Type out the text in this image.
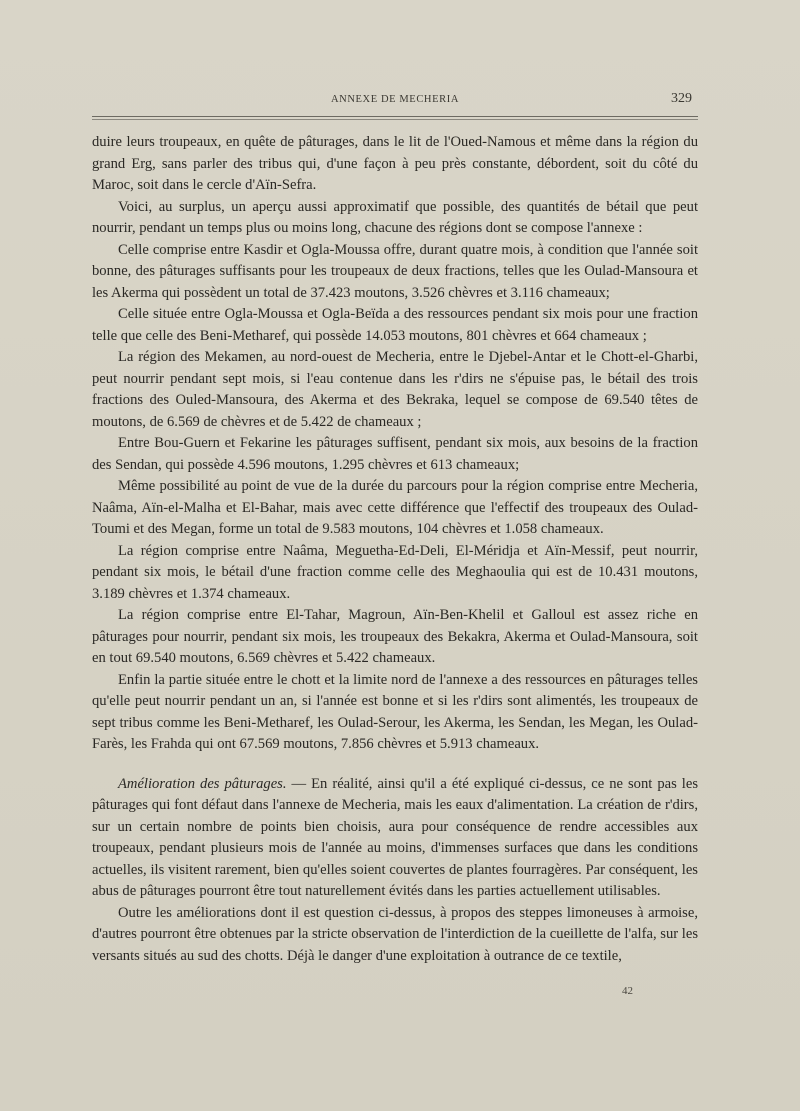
ANNEXE DE MECHERIA	329

duire leurs troupeaux, en quête de pâturages, dans le lit de l'Oued-Namous et même dans la région du grand Erg, sans parler des tribus qui, d'une façon à peu près constante, débordent, soit du côté du Maroc, soit dans le cercle d'Aïn-Sefra.

Voici, au surplus, un aperçu aussi approximatif que possible, des quantités de bétail que peut nourrir, pendant un temps plus ou moins long, chacune des régions dont se compose l'annexe :

Celle comprise entre Kasdir et Ogla-Moussa offre, durant quatre mois, à condition que l'année soit bonne, des pâturages suffisants pour les troupeaux de deux fractions, telles que les Oulad-Mansoura et les Akerma qui possèdent un total de 37.423 moutons, 3.526 chèvres et 3.116 chameaux;

Celle située entre Ogla-Moussa et Ogla-Beïda a des ressources pendant six mois pour une fraction telle que celle des Beni-Metharef, qui possède 14.053 moutons, 801 chèvres et 664 chameaux ;

La région des Mekamen, au nord-ouest de Mecheria, entre le Djebel-Antar et le Chott-el-Gharbi, peut nourrir pendant sept mois, si l'eau contenue dans les r'dirs ne s'épuise pas, le bétail des trois fractions des Ouled-Mansoura, des Akerma et des Bekraka, lequel se compose de 69.540 têtes de moutons, de 6.569 de chèvres et de 5.422 de chameaux ;

Entre Bou-Guern et Fekarine les pâturages suffisent, pendant six mois, aux besoins de la fraction des Sendan, qui possède 4.596 moutons, 1.295 chèvres et 613 chameaux;

Même possibilité au point de vue de la durée du parcours pour la région comprise entre Mecheria, Naâma, Aïn-el-Malha et El-Bahar, mais avec cette différence que l'effectif des troupeaux des Oulad-Toumi et des Megan, forme un total de 9.583 moutons, 104 chèvres et 1.058 chameaux.

La région comprise entre Naâma, Meguetha-Ed-Deli, El-Méridja et Aïn-Messif, peut nourrir, pendant six mois, le bétail d'une fraction comme celle des Meghaoulia qui est de 10.431 moutons, 3.189 chèvres et 1.374 chameaux.

La région comprise entre El-Tahar, Magroun, Aïn-Ben-Khelil et Galloul est assez riche en pâturages pour nourrir, pendant six mois, les troupeaux des Bekakra, Akerma et Oulad-Mansoura, soit en tout 69.540 moutons, 6.569 chèvres et 5.422 chameaux.

Enfin la partie située entre le chott et la limite nord de l'annexe a des ressources en pâturages telles qu'elle peut nourrir pendant un an, si l'année est bonne et si les r'dirs sont alimentés, les troupeaux de sept tribus comme les Beni-Metharef, les Oulad-Serour, les Akerma, les Sendan, les Megan, les Oulad-Farès, les Frahda qui ont 67.569 moutons, 7.856 chèvres et 5.913 chameaux.

Amélioration des pâturages. — En réalité, ainsi qu'il a été expliqué ci-dessus, ce ne sont pas les pâturages qui font défaut dans l'annexe de Mecheria, mais les eaux d'alimentation. La création de r'dirs, sur un certain nombre de points bien choisis, aura pour conséquence de rendre accessibles aux troupeaux, pendant plusieurs mois de l'année au moins, d'immenses surfaces que dans les conditions actuelles, ils visitent rarement, bien qu'elles soient couvertes de plantes fourragères. Par conséquent, les abus de pâturages pourront être tout naturellement évités dans les parties actuellement utilisables.

Outre les améliorations dont il est question ci-dessus, à propos des steppes limoneuses à armoise, d'autres pourront être obtenues par la stricte observation de l'interdiction de la cueillette de l'alfa, sur les versants situés au sud des chotts. Déjà le danger d'une exploitation à outrance de ce textile,

42
